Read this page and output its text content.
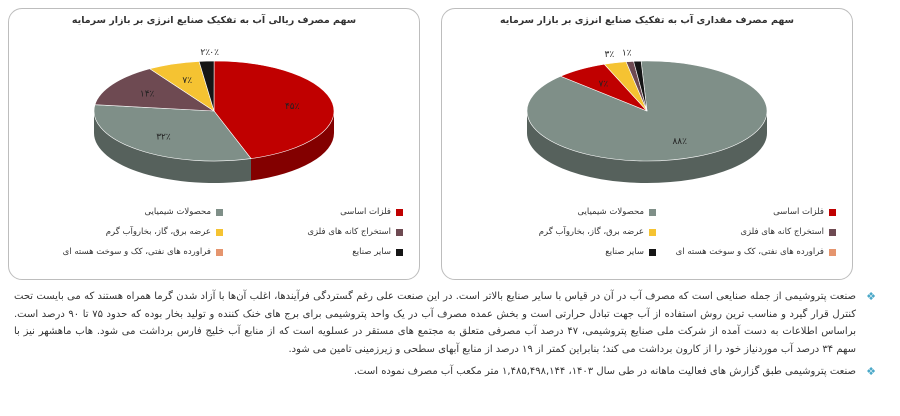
سهم مصرف ریالی آب به تفکیک صنایع انرژی بر بازار سرمایه
۴۵٪
۳۲٪
۱۴٪
۷٪
۲٪ ۰٪
فلزات اساسی
محصولات شیمیایی
استخراج کانه های فلزی
عرضه برق، گاز، بخاروآب گرم
سایر صنایع
فراورده های نفتی، کک و سوخت هسته ای
سهم مصرف مقداری آب به تفکیک صنایع انرژی بر بازار سرمایه
۸۸٪
۷٪
۳٪ ۱٪
فلزات اساسی
محصولات شیمیایی
استخراج کانه های فلزی
عرضه برق، گاز، بخاروآب گرم
فراورده های نفتی، کک و سوخت هسته ای
سایر صنایع
❖
صنعت پتروشیمی از جمله صنایعی است که مصرف آب در آن در قیاس با سایر صنایع بالاتر است. در این صنعت علی رغم گستردگی فرآیندها، اغلب آن‌ها با آزاد شدن گرما همراه هستند که می بایست تحت کنترل قرار گیرد و مناسب ترین روش استفاده از آب جهت تبادل حرارتی است و بخش عمده مصرف آب در یک واحد پتروشیمی برای برج های خنک کننده و تولید بخار بوده که حدود ۷۵ تا ۹۰ درصد است. براساس اطلاعات به دست آمده از شرکت ملی صنایع پتروشیمی، ۴۷ درصد آب مصرفی متعلق به مجتمع های مستقر در عسلویه است که از منابع آب خلیج فارس برداشت می شود. هاب ماهشهر نیز با سهم ۳۴ درصد آب موردنیاز خود را از کارون برداشت می کند؛ بنابراین کمتر از ۱۹ درصد از منابع آبهای سطحی و زیرزمینی تامین می شود.
❖
صنعت پتروشیمی طبق گزارش های فعالیت ماهانه در طی سال ۱۴۰۳، ۱,۴۸۵,۴۹۸,۱۴۴ متر مکعب آب مصرف نموده است.
